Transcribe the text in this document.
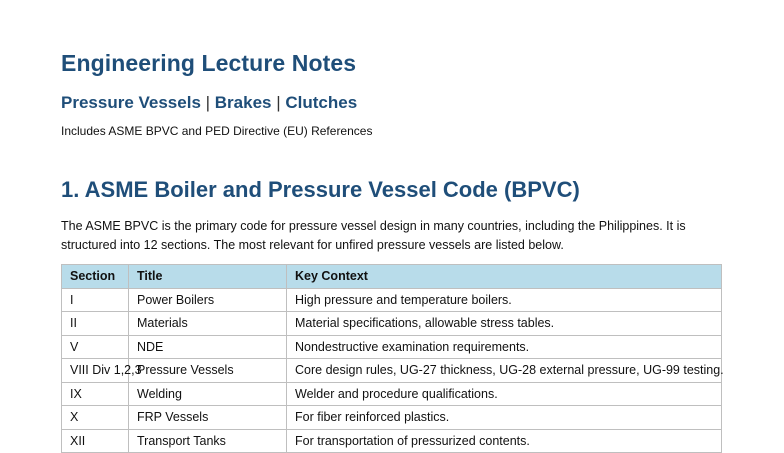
Engineering Lecture Notes
Pressure Vessels | Brakes | Clutches

Includes ASME BPVC and PED Directive (EU) References

1. ASME Boiler and Pressure Vessel Code (BPVC)

The ASME BPVC is the primary code for pressure vessel design in many countries, including the Philippines. It is structured into 12 sections. The most relevant for unfired pressure vessels are listed below.

Section	Title	Key Context
I	Power Boilers	High pressure and temperature boilers.
II	Materials	Material specifications, allowable stress tables.
V	NDE	Nondestructive examination requirements.
VIII Div 1,2,3	Pressure Vessels	Core design rules, UG-27 thickness, UG-28 external pressure, UG-99 testing.
IX	Welding	Welder and procedure qualifications.
X	FRP Vessels	For fiber reinforced plastics.
XII	Transport Tanks	For transportation of pressurized contents.
